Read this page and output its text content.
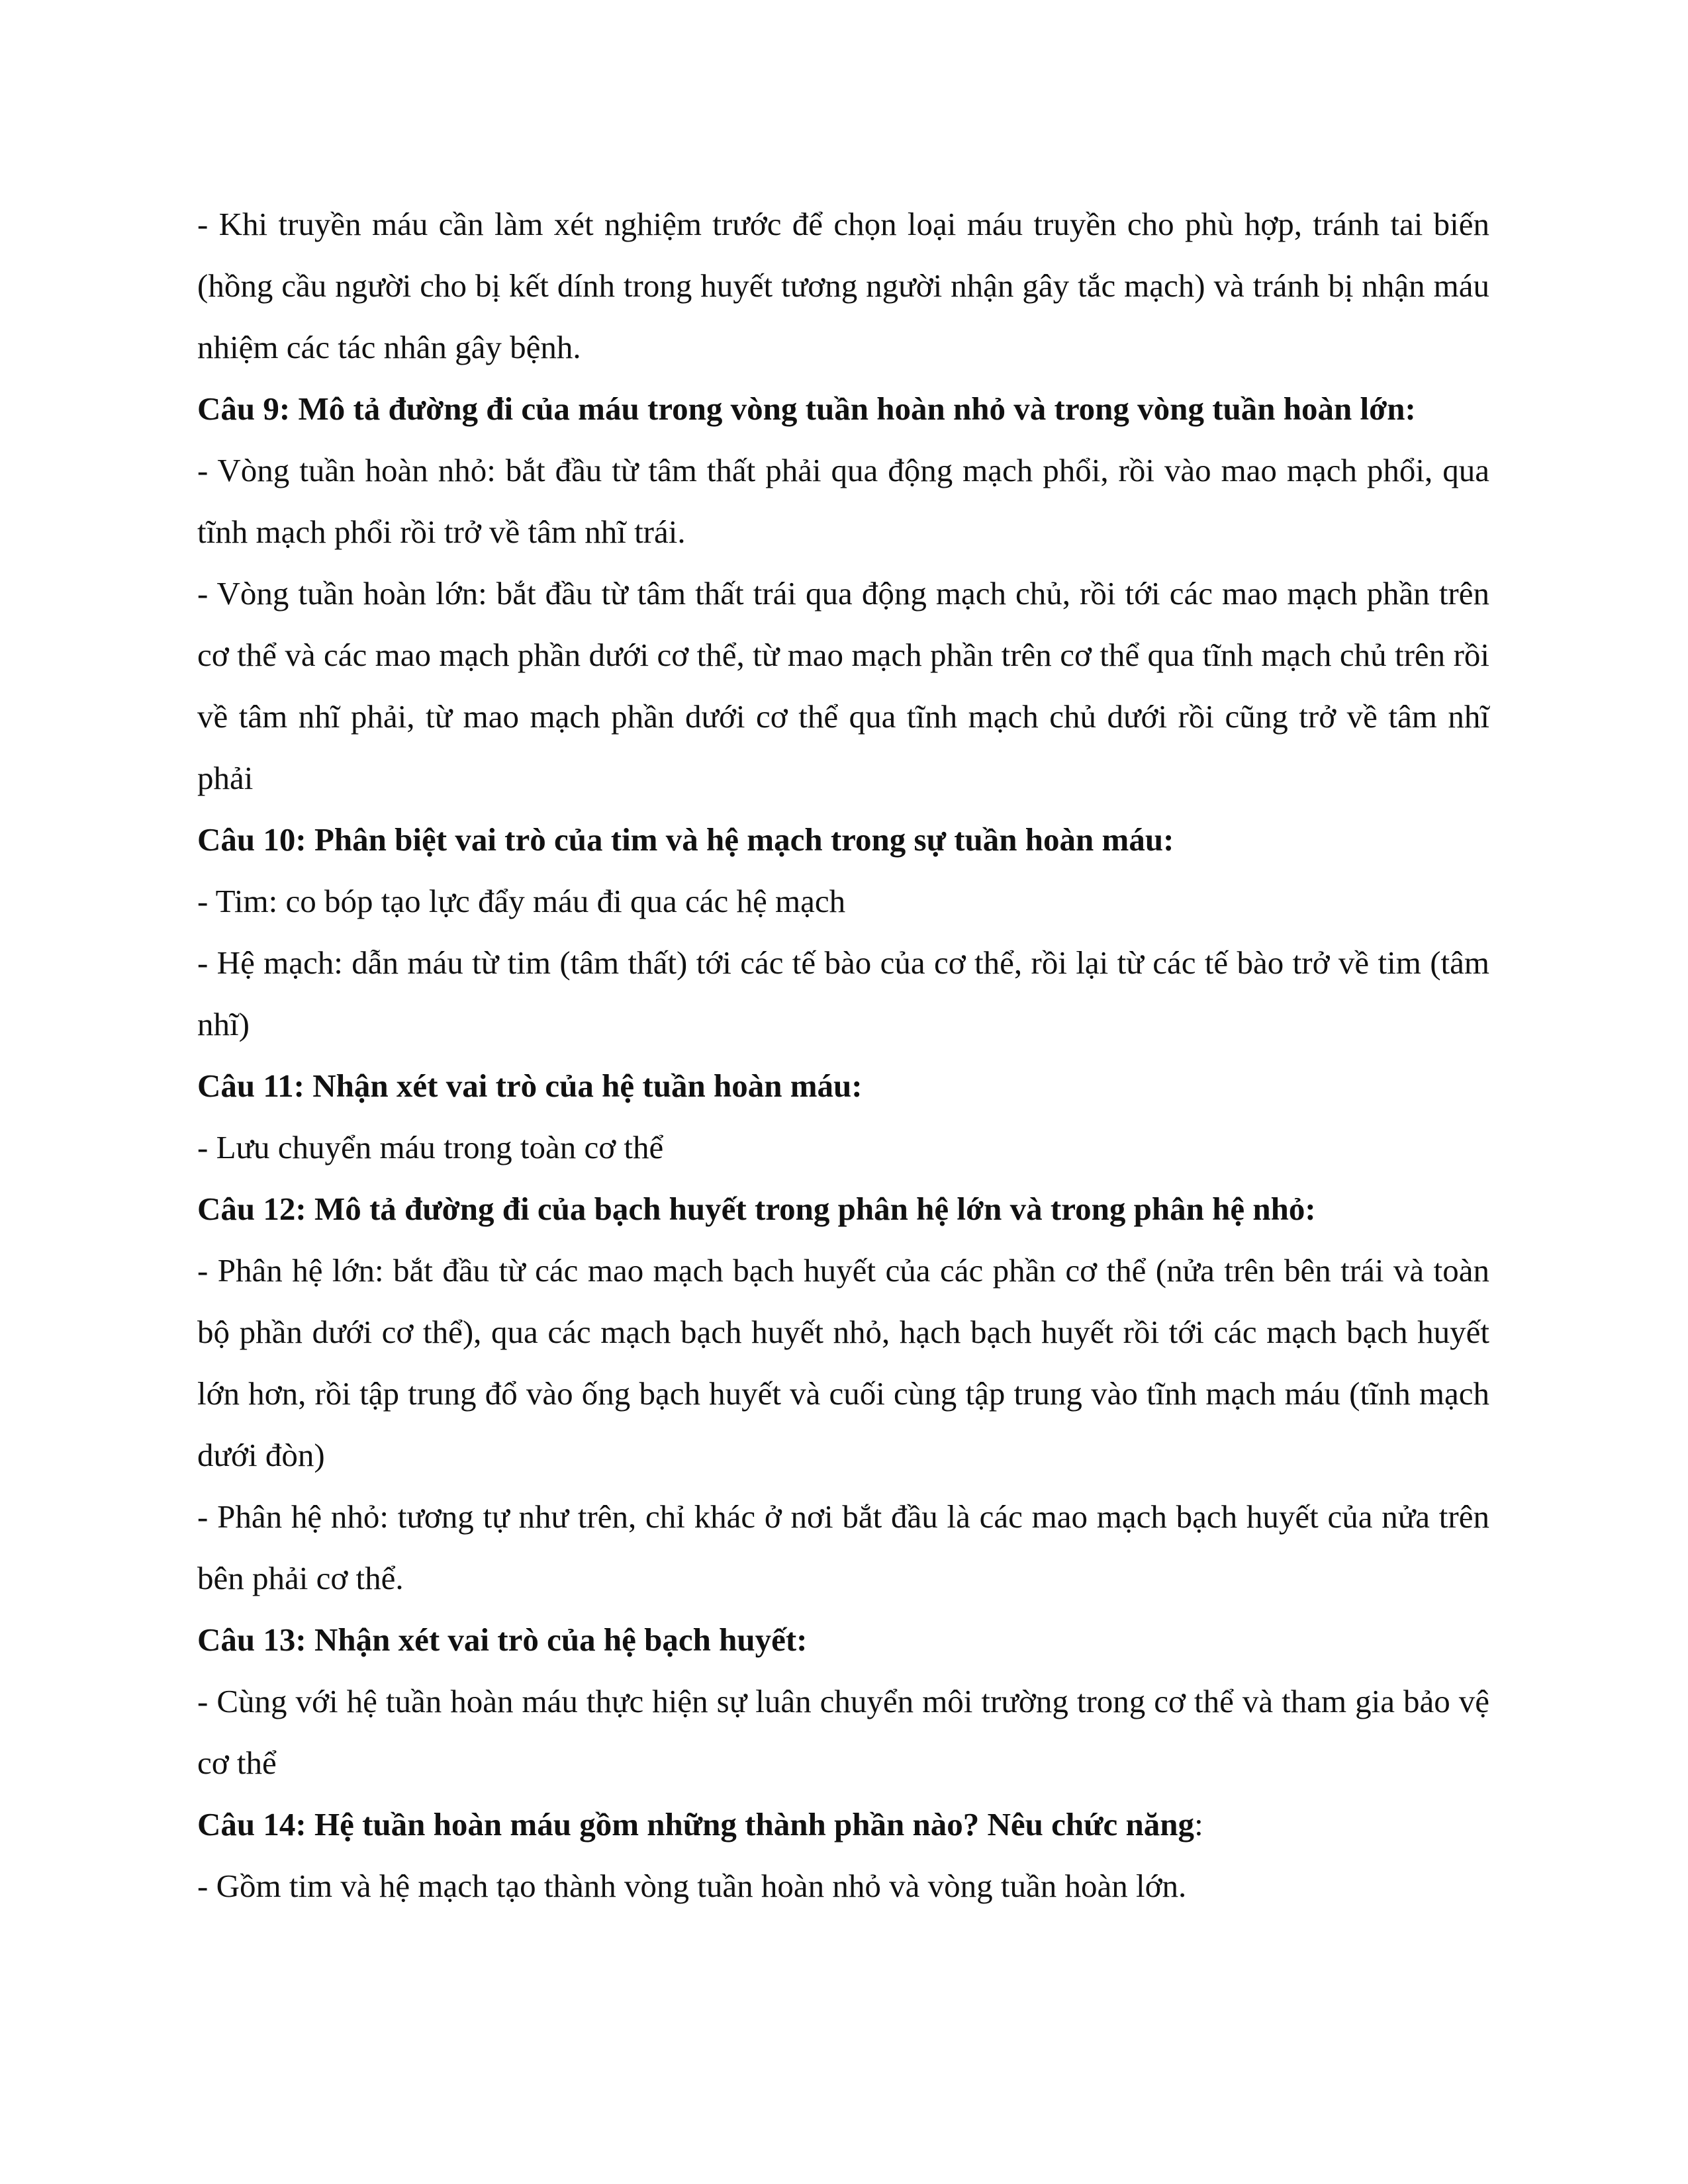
- Khi truyền máu cần làm xét nghiệm trước để chọn loại máu truyền cho phù hợp, tránh tai biến (hồng cầu người cho bị kết dính trong huyết tương người nhận gây tắc mạch) và tránh bị nhận máu nhiệm các tác nhân gây bệnh.

Câu 9: Mô tả đường đi của máu trong vòng tuần hoàn nhỏ và trong vòng tuần hoàn lớn:

- Vòng tuần hoàn nhỏ: bắt đầu từ tâm thất phải qua động mạch phổi, rồi vào mao mạch phổi, qua tĩnh mạch phổi rồi trở về tâm nhĩ trái.

- Vòng tuần hoàn lớn: bắt đầu từ tâm thất trái qua động mạch chủ, rồi tới các mao mạch phần trên cơ thể và các mao mạch phần dưới cơ thể, từ mao mạch phần trên cơ thể qua tĩnh mạch chủ trên rồi về tâm nhĩ phải, từ mao mạch phần dưới cơ thể qua tĩnh mạch chủ dưới rồi cũng trở về tâm nhĩ phải

Câu 10: Phân biệt vai trò của tim và hệ mạch trong sự tuần hoàn máu:

- Tim: co bóp tạo lực đẩy máu đi qua các hệ mạch

- Hệ mạch: dẫn máu từ tim (tâm thất) tới các tế bào của cơ thể, rồi lại từ các tế bào trở về tim (tâm nhĩ)

Câu 11: Nhận xét vai trò của hệ tuần hoàn máu:

- Lưu chuyển máu trong toàn cơ thể

Câu 12: Mô tả đường đi của bạch huyết trong phân hệ lớn và trong phân hệ nhỏ:

- Phân hệ lớn: bắt đầu từ các mao mạch bạch huyết của các phần cơ thể (nửa trên bên trái và toàn bộ phần dưới cơ thể), qua các mạch bạch huyết nhỏ, hạch bạch huyết rồi tới các mạch bạch huyết lớn hơn, rồi tập trung đổ vào ống bạch huyết và cuối cùng tập trung vào tĩnh mạch máu (tĩnh mạch dưới đòn)

- Phân hệ nhỏ: tương tự như trên, chỉ khác ở nơi bắt đầu là các mao mạch bạch huyết của nửa trên bên phải cơ thể.

Câu 13: Nhận xét vai trò của hệ bạch huyết:

- Cùng với hệ tuần hoàn máu thực hiện sự luân chuyển môi trường trong cơ thể và tham gia bảo vệ cơ thể

Câu 14: Hệ tuần hoàn máu gồm những thành phần nào? Nêu chức năng:

- Gồm tim và hệ mạch tạo thành vòng tuần hoàn nhỏ và vòng tuần hoàn lớn.
